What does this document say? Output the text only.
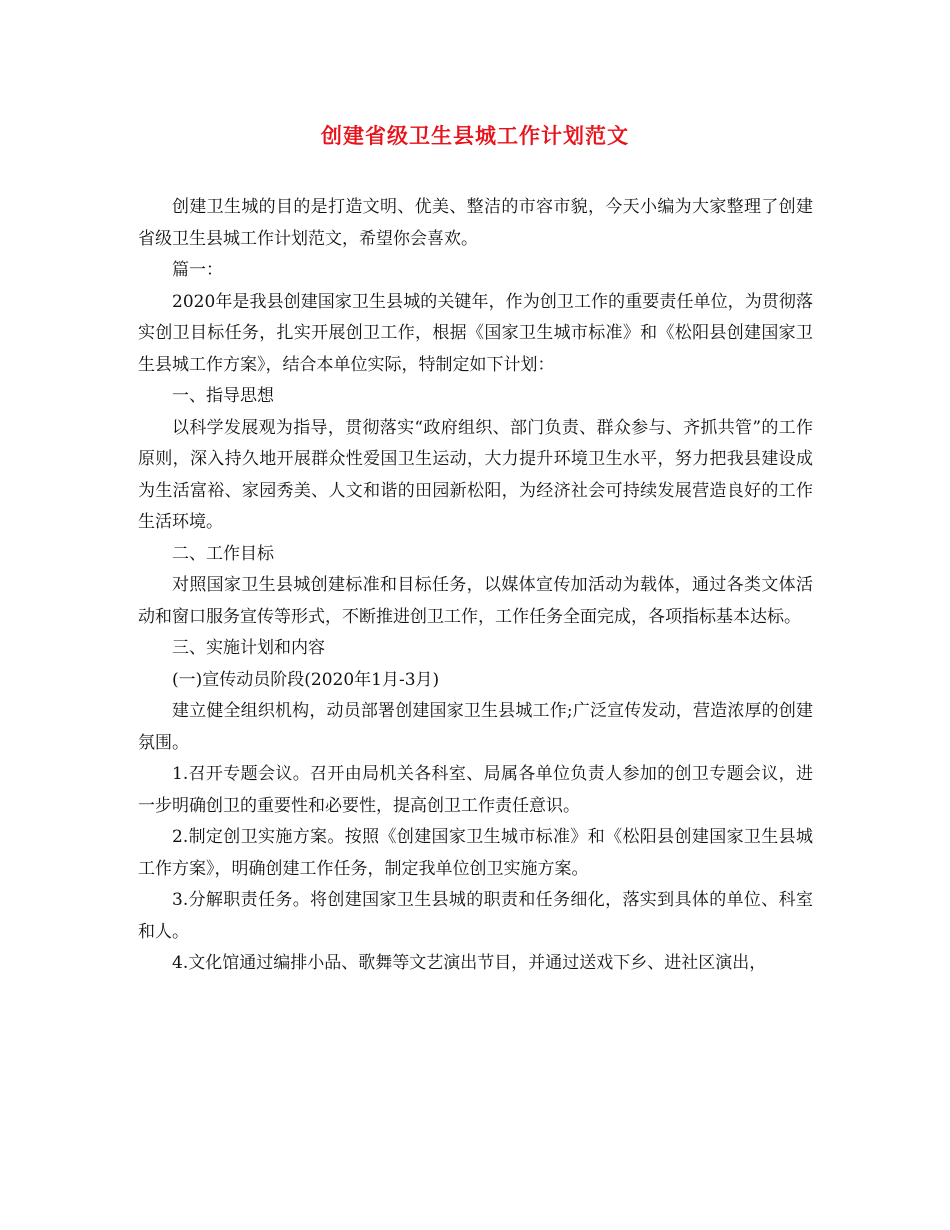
创建省级卫生县城工作计划范文

创建卫生城的目的是打造文明、优美、整洁的市容市貌，今天小编为大家整理了创建省级卫生县城工作计划范文，希望你会喜欢。

篇一：

2020年是我县创建国家卫生县城的关键年，作为创卫工作的重要责任单位，为贯彻落实创卫目标任务，扎实开展创卫工作，根据《国家卫生城市标准》和《松阳县创建国家卫生县城工作方案》，结合本单位实际，特制定如下计划：

一、指导思想

以科学发展观为指导，贯彻落实“政府组织、部门负责、群众参与、齐抓共管”的工作原则，深入持久地开展群众性爱国卫生运动，大力提升环境卫生水平，努力把我县建设成为生活富裕、家园秀美、人文和谐的田园新松阳，为经济社会可持续发展营造良好的工作生活环境。

二、工作目标

对照国家卫生县城创建标准和目标任务，以媒体宣传加活动为载体，通过各类文体活动和窗口服务宣传等形式，不断推进创卫工作，工作任务全面完成，各项指标基本达标。

三、实施计划和内容

(一)宣传动员阶段(2020年1月-3月)

建立健全组织机构，动员部署创建国家卫生县城工作;广泛宣传发动，营造浓厚的创建氛围。

1.召开专题会议。召开由局机关各科室、局属各单位负责人参加的创卫专题会议，进一步明确创卫的重要性和必要性，提高创卫工作责任意识。

2.制定创卫实施方案。按照《创建国家卫生城市标准》和《松阳县创建国家卫生县城工作方案》，明确创建工作任务，制定我单位创卫实施方案。

3.分解职责任务。将创建国家卫生县城的职责和任务细化，落实到具体的单位、科室和人。

4.文化馆通过编排小品、歌舞等文艺演出节目，并通过送戏下乡、进社区演出，
